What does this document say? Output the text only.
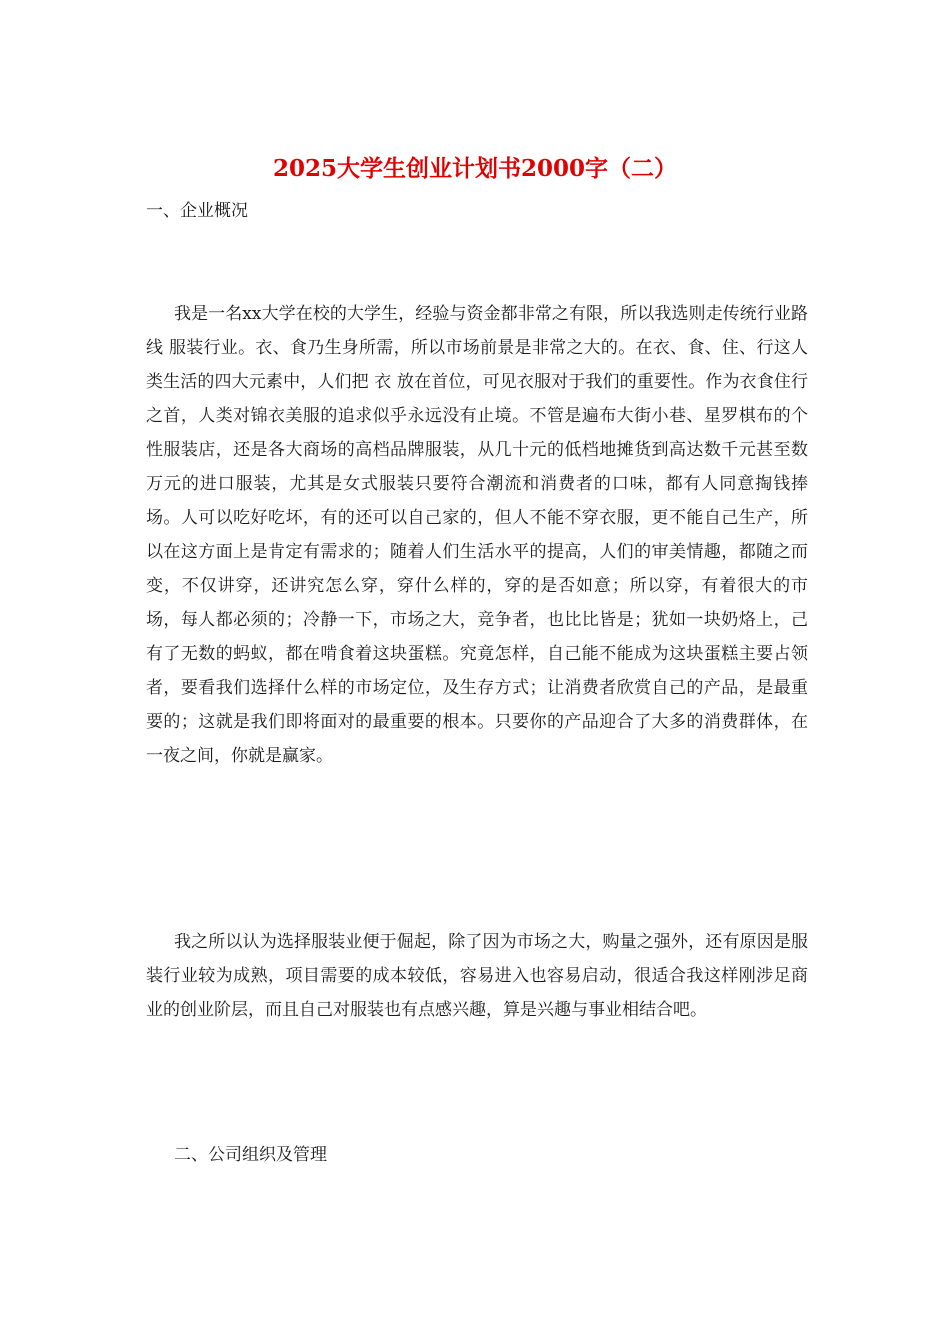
2025大学生创业计划书2000字（二）

一、企业概况

我是一名xx大学在校的大学生，经验与资金都非常之有限，所以我选则走传统行业路线 服装行业。衣、食乃生身所需，所以市场前景是非常之大的。在衣、食、住、行这人类生活的四大元素中，人们把 衣 放在首位，可见衣服对于我们的重要性。作为衣食住行之首，人类对锦衣美服的追求似乎永远没有止境。不管是遍布大街小巷、星罗棋布的个性服装店，还是各大商场的高档品牌服装，从几十元的低档地摊货到高达数千元甚至数万元的进口服装，尤其是女式服装只要符合潮流和消费者的口味，都有人同意掏钱捧场。人可以吃好吃坏，有的还可以自己家的，但人不能不穿衣服，更不能自己生产，所以在这方面上是肯定有需求的；随着人们生活水平的提高，人们的审美情趣，都随之而变，不仅讲穿，还讲究怎么穿，穿什么样的，穿的是否如意；所以穿，有着很大的市场，每人都必须的；冷静一下，市场之大，竞争者，也比比皆是；犹如一块奶烙上，己有了无数的蚂蚁，都在啃食着这块蛋糕。究竟怎样，自己能不能成为这块蛋糕主要占领者，要看我们选择什么样的市场定位，及生存方式；让消费者欣赏自己的产品，是最重要的；这就是我们即将面对的最重要的根本。只要你的产品迎合了大多的消费群体，在一夜之间，你就是赢家。

我之所以认为选择服装业便于倔起，除了因为市场之大，购量之强外，还有原因是服装行业较为成熟，项目需要的成本较低，容易进入也容易启动，很适合我这样刚涉足商业的创业阶层，而且自己对服装也有点感兴趣，算是兴趣与事业相结合吧。

二、公司组织及管理
